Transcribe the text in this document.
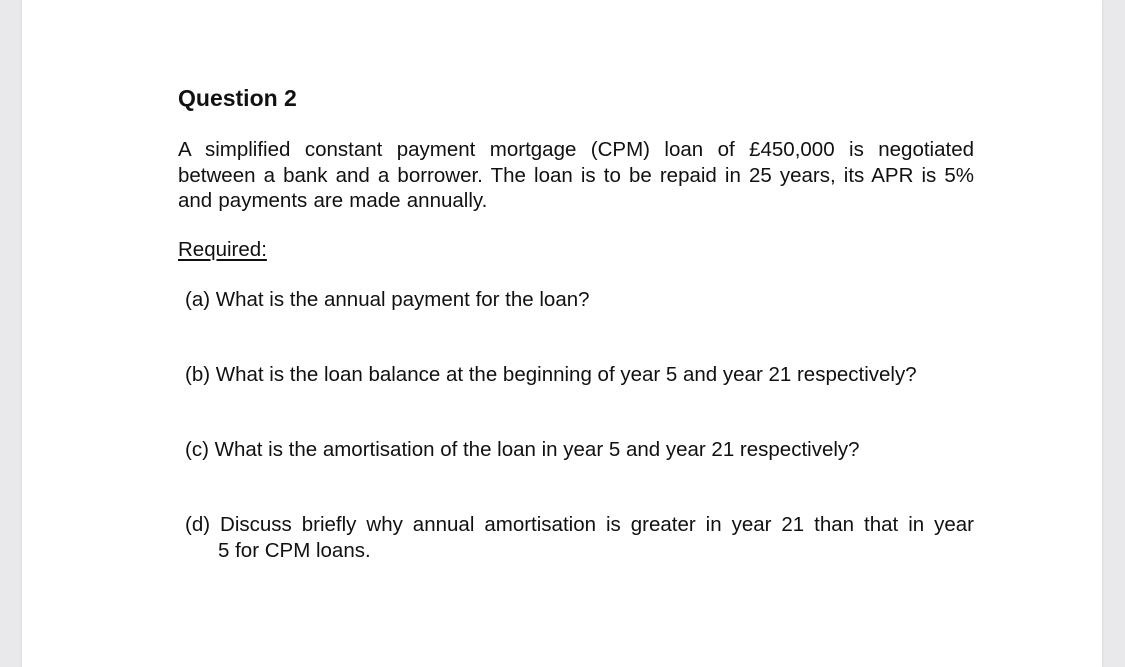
Question 2

A simplified constant payment mortgage (CPM) loan of £450,000 is negotiated between a bank and a borrower. The loan is to be repaid in 25 years, its APR is 5% and payments are made annually.

Required:

(a) What is the annual payment for the loan?

(b) What is the loan balance at the beginning of year 5 and year 21 respectively?

(c) What is the amortisation of the loan in year 5 and year 21 respectively?

(d) Discuss briefly why annual amortisation is greater in year 21 than that in year
5 for CPM loans.
